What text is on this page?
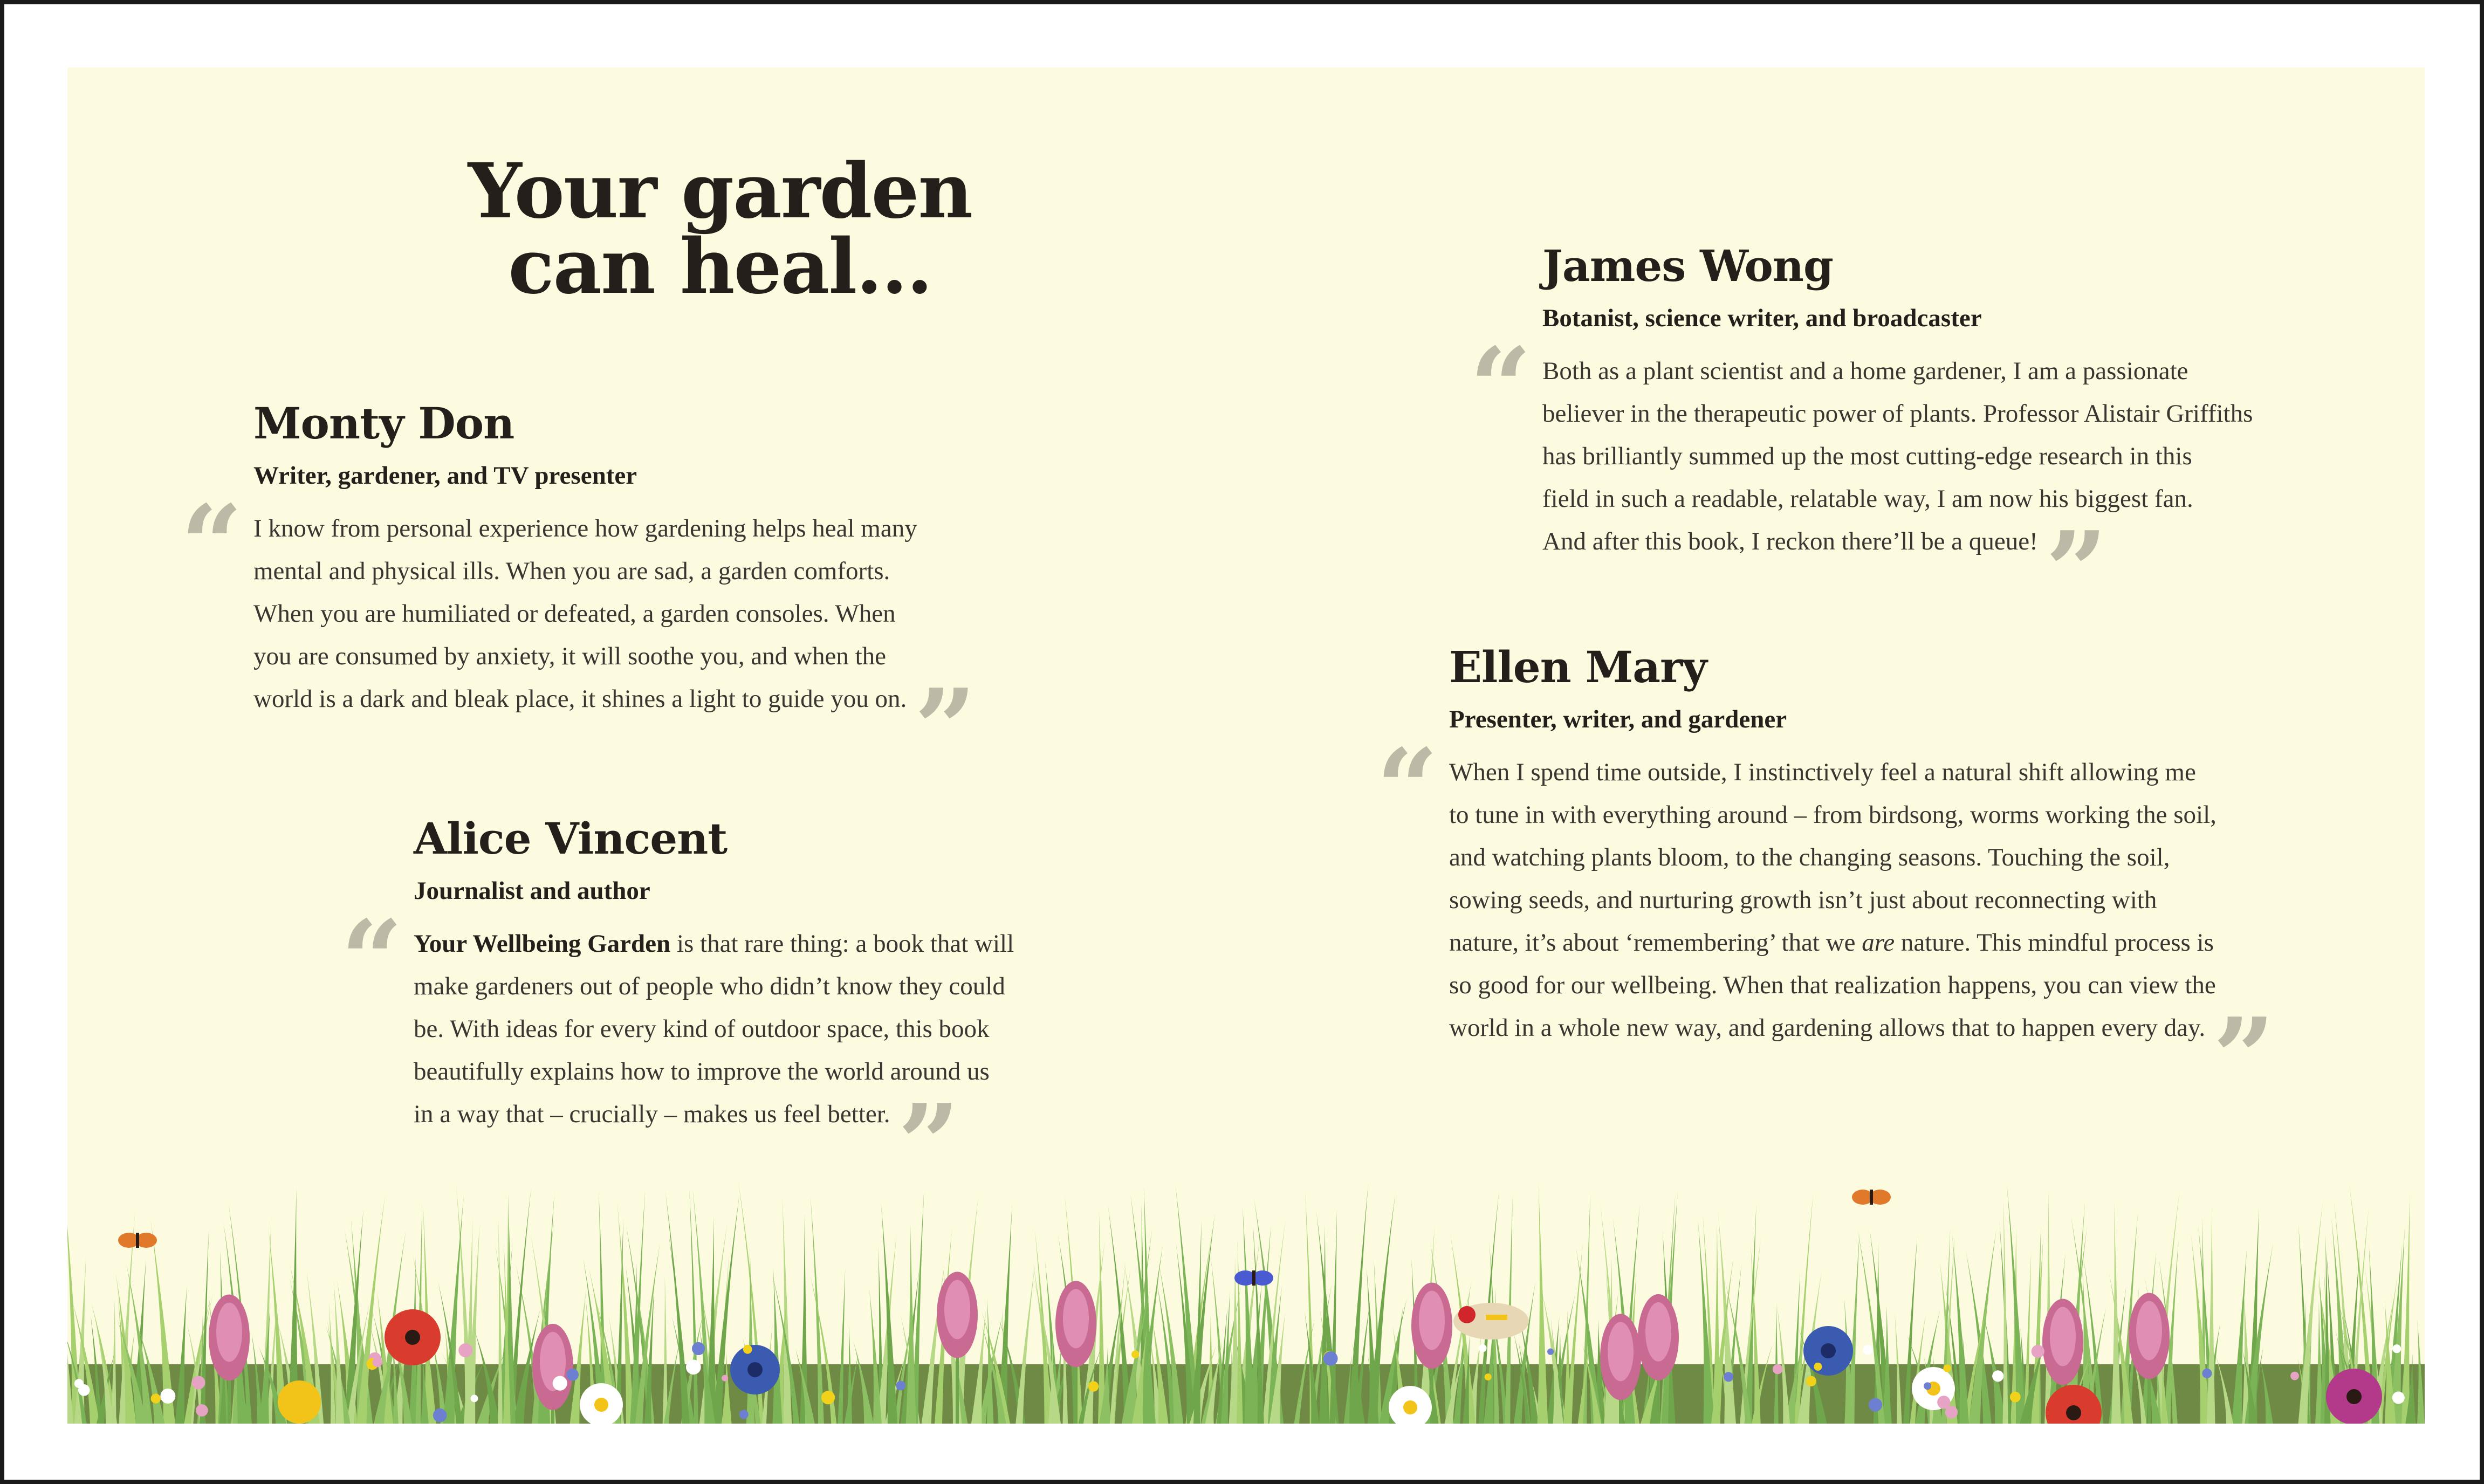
Your garden
can heal...
Monty Don
Writer, gardener, and TV presenter
“ I know from personal experience how gardening helps heal many
mental and physical ills. When you are sad, a garden comforts.
When you are humiliated or defeated, a garden consoles. When
you are consumed by anxiety, it will soothe you, and when the
world is a dark and bleak place, it shines a light to guide you on.”
Alice Vincent
Journalist and author
“ Your Wellbeing Garden is that rare thing: a book that will
make gardeners out of people who didn’t know they could
be. With ideas for every kind of outdoor space, this book
beautifully explains how to improve the world around us
in a way that – crucially – makes us feel better.”
James Wong
Botanist, science writer, and broadcaster
“ Both as a plant scientist and a home gardener, I am a passionate
believer in the therapeutic power of plants. Professor Alistair Griffiths
has brilliantly summed up the most cutting-edge research in this
field in such a readable, relatable way, I am now his biggest fan.
And after this book, I reckon there’ll be a queue!”
Ellen Mary
Presenter, writer, and gardener
“ When I spend time outside, I instinctively feel a natural shift allowing me
to tune in with everything around – from birdsong, worms working the soil,
and watching plants bloom, to the changing seasons. Touching the soil,
sowing seeds, and nurturing growth isn’t just about reconnecting with
nature, it’s about ‘remembering’ that we are nature. This mindful process is
so good for our wellbeing. When that realization happens, you can view the
world in a whole new way, and gardening allows that to happen every day.”
